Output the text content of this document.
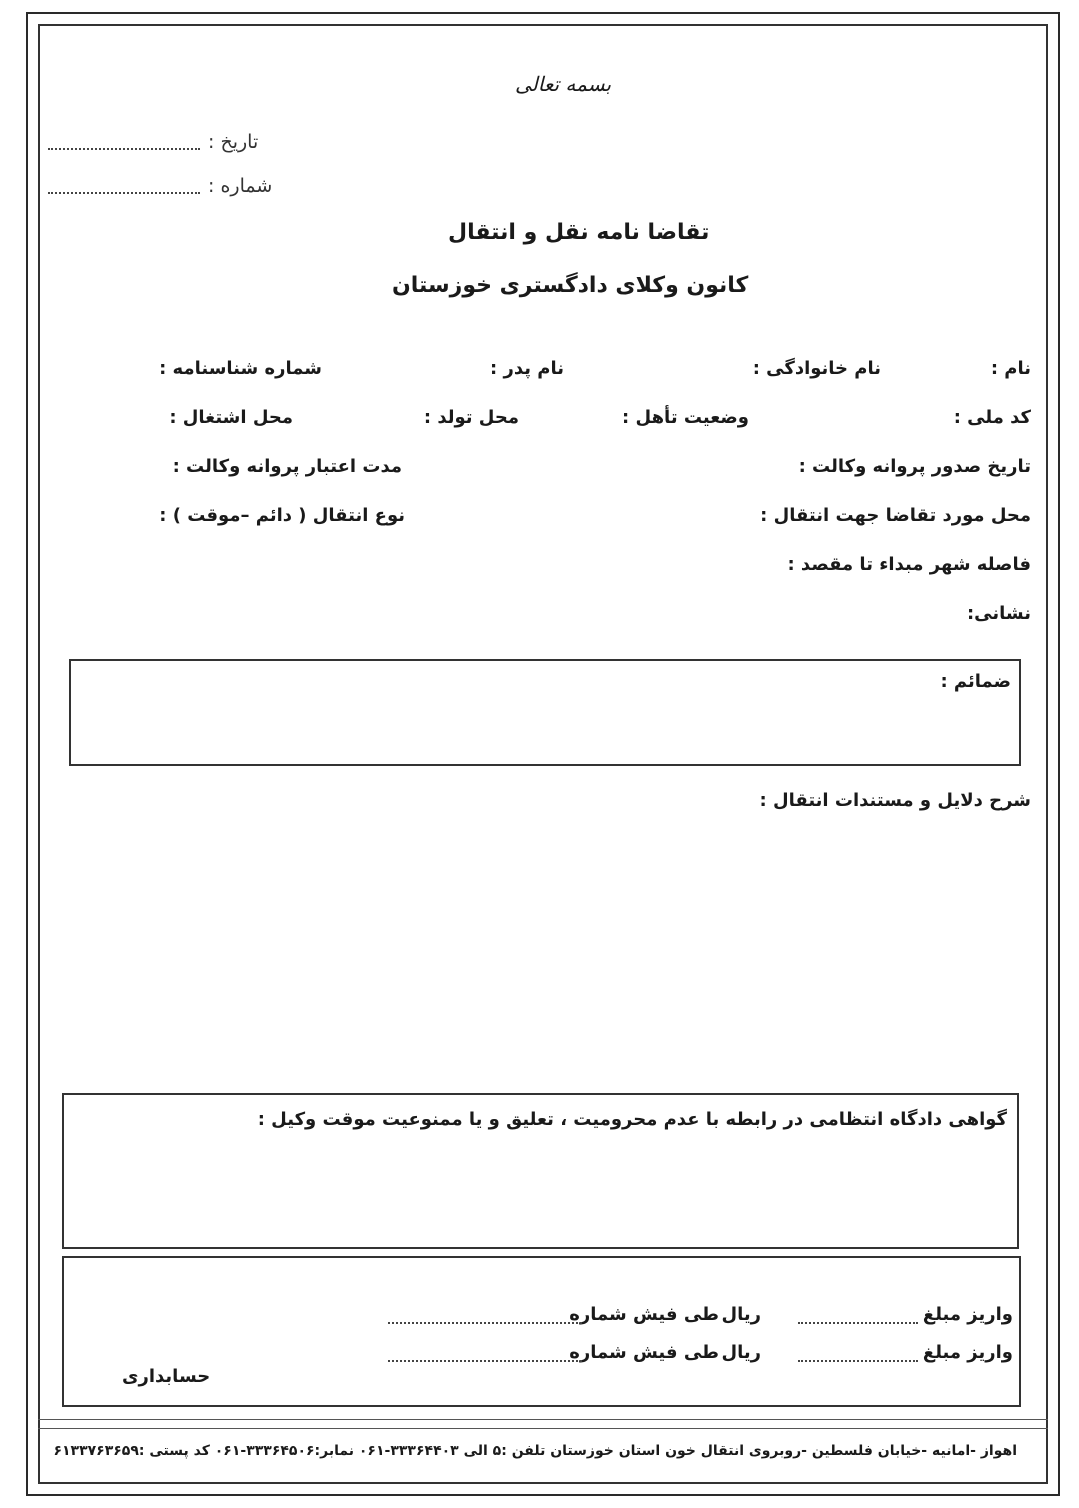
بسمه تعالی
تاریخ :
شماره :
تقاضا نامه نقل و انتقال
کانون وکلای دادگستری خوزستان
نام :
نام خانوادگی :
نام پدر :
شماره شناسنامه :
کد ملی :
وضعیت تأهل :
محل تولد :
محل اشتغال :
تاریخ صدور پروانه وکالت :
مدت اعتبار پروانه وکالت :
محل مورد تقاضا جهت انتقال :
نوع انتقال ( دائم –موقت ) :
فاصله شهر مبداء تا مقصد :
نشانی:
ضمائم :
شرح دلایل و مستندات انتقال :
گواهی دادگاه انتظامی در رابطه با عدم محرومیت ، تعلیق و یا ممنوعیت موقت وکیل :
واریز مبلغ
ریال
طی فیش شماره
واریز مبلغ
ریال
طی فیش شماره
حسابداری
اهواز -امانیه -خیابان فلسطین -روبروی انتقال خون استان خوزستان تلفن :۵ الی ۳۳۳۶۴۴۰۳-۰۶۱ نمابر:۳۳۳۶۴۵۰۶-۰۶۱ کد پستی :۶۱۳۳۷۶۳۶۵۹
